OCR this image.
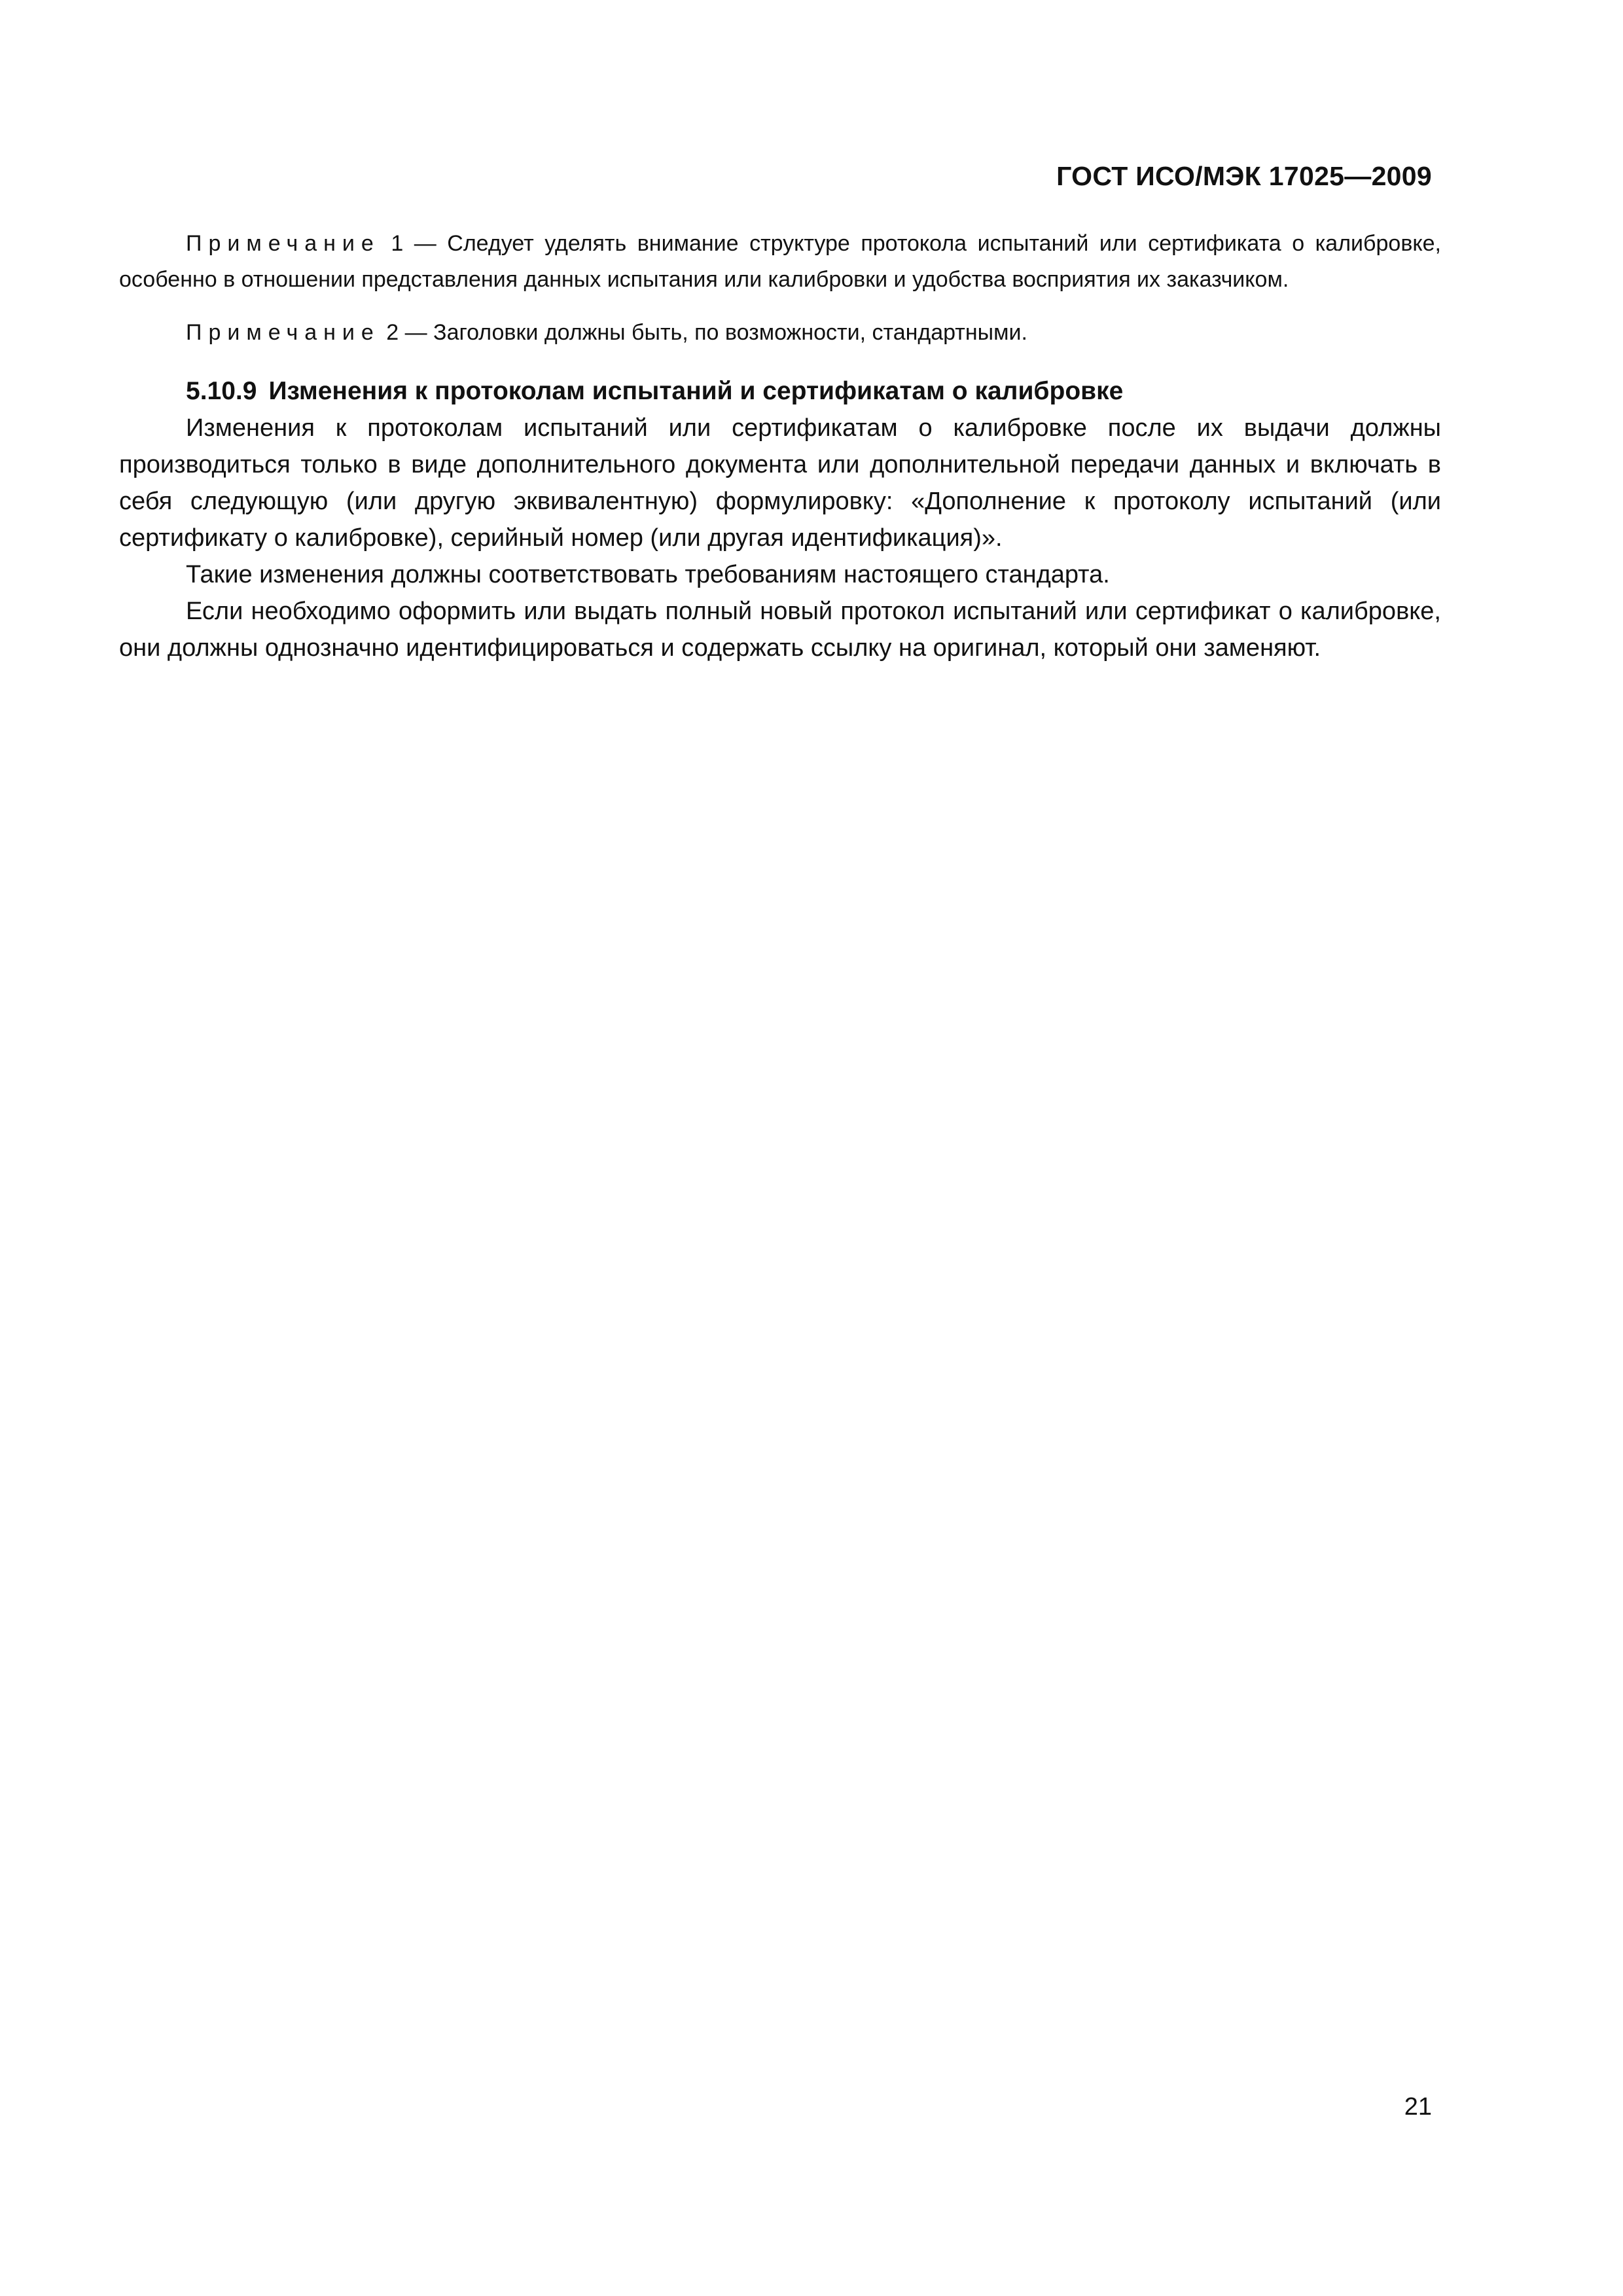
ГОСТ ИСО/МЭК 17025—2009

Примечание 1 — Следует уделять внимание структуре протокола испытаний или сертификата о калибровке, особенно в отношении представления данных испытания или калибровки и удобства восприятия их заказчиком.

Примечание 2 — Заголовки должны быть, по возможности, стандартными.

5.10.9 Изменения к протоколам испытаний и сертификатам о калибровке

Изменения к протоколам испытаний или сертификатам о калибровке после их выдачи должны производиться только в виде дополнительного документа или дополнительной передачи данных и включать в себя следующую (или другую эквивалентную) формулировку: «Дополнение к протоколу испытаний (или сертификату о калибровке), серийный номер (или другая идентификация)».

Такие изменения должны соответствовать требованиям настоящего стандарта.

Если необходимо оформить или выдать полный новый протокол испытаний или сертификат о калибровке, они должны однозначно идентифицироваться и содержать ссылку на оригинал, который они заменяют.

21
